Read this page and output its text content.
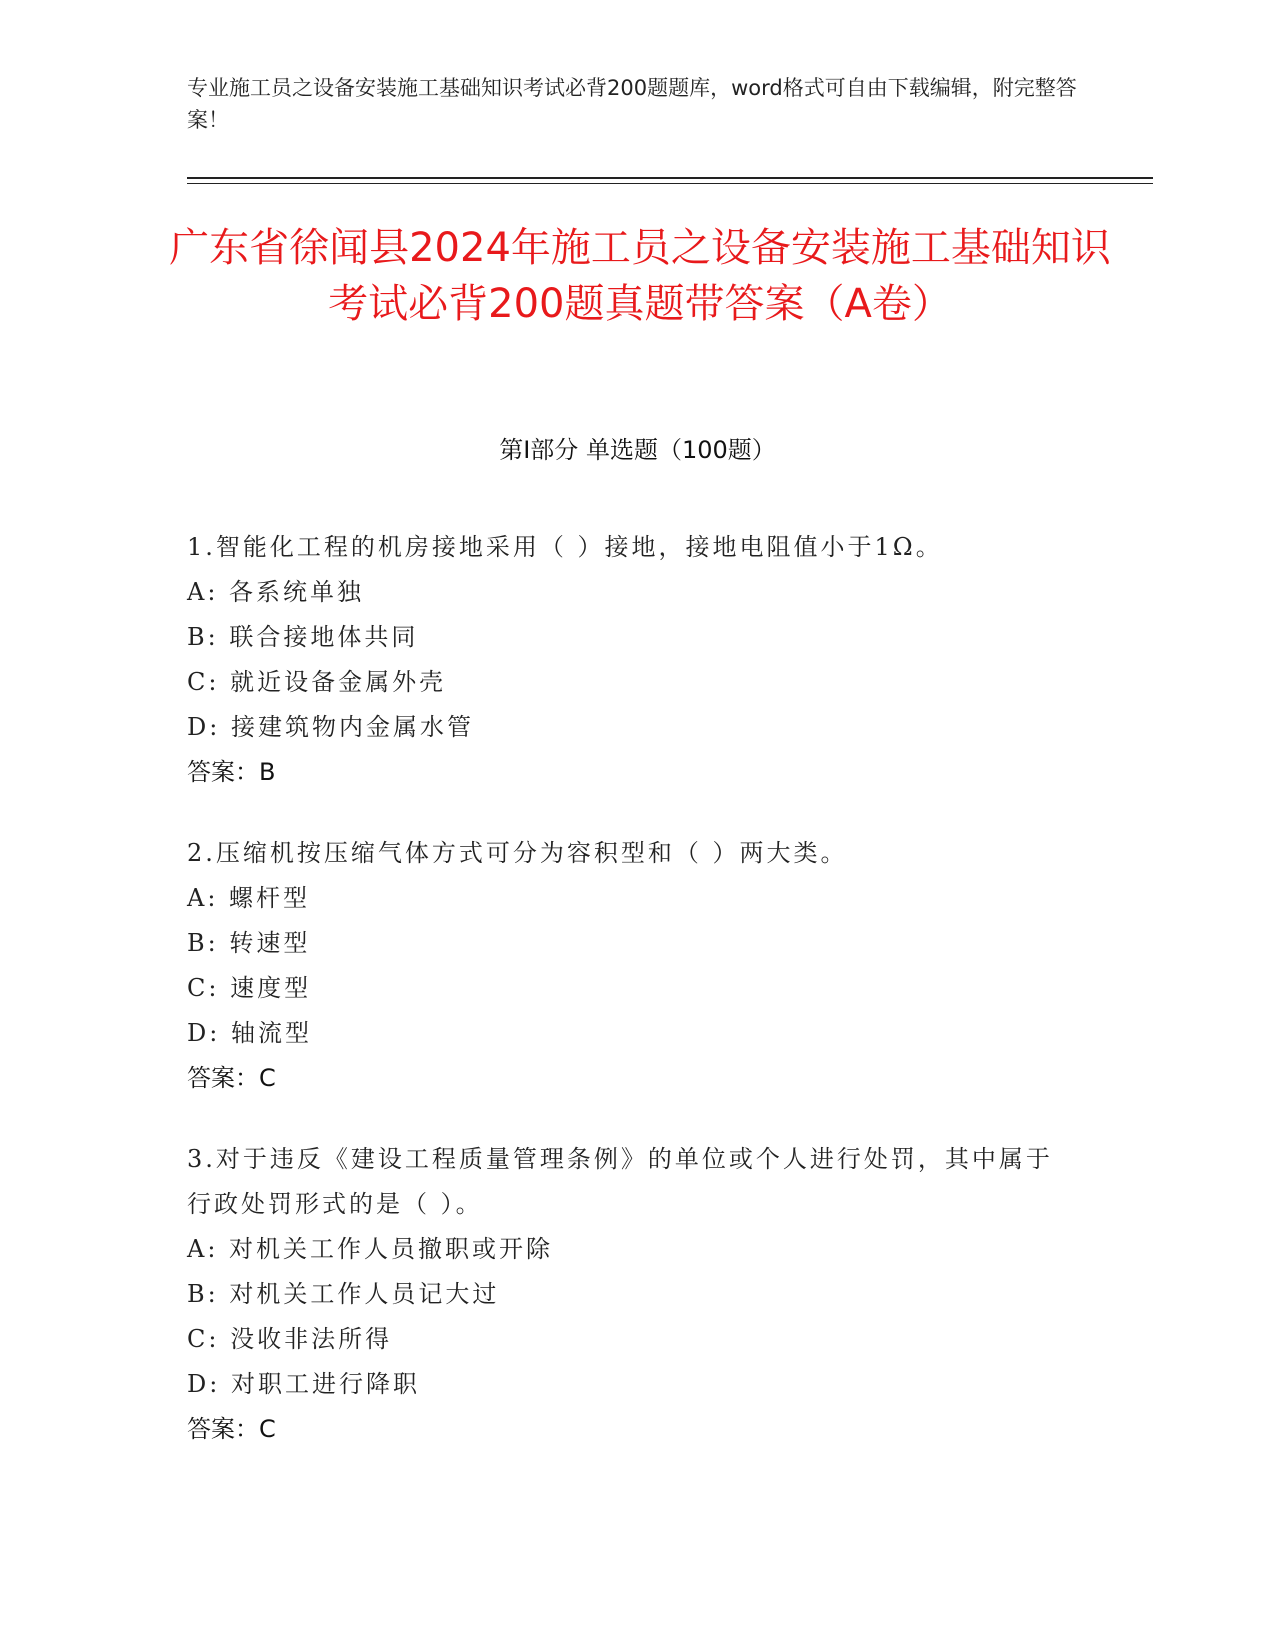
专业施工员之设备安装施工基础知识考试必背200题题库，word格式可自由下载编辑，附完整答案！
广东省徐闻县2024年施工员之设备安装施工基础知识考试必背200题真题带答案（A卷）
第Ⅰ部分 单选题（100题）
1.智能化工程的机房接地采用（ ）接地，接地电阻值小于1Ω。
A: 各系统单独
B: 联合接地体共同
C: 就近设备金属外壳
D: 接建筑物内金属水管
答案：B
2.压缩机按压缩气体方式可分为容积型和（ ）两大类。
A: 螺杆型
B: 转速型
C: 速度型
D: 轴流型
答案：C
3.对于违反《建设工程质量管理条例》的单位或个人进行处罚，其中属于行政处罚形式的是（ ）。
A: 对机关工作人员撤职或开除
B: 对机关工作人员记大过
C: 没收非法所得
D: 对职工进行降职
答案：C
